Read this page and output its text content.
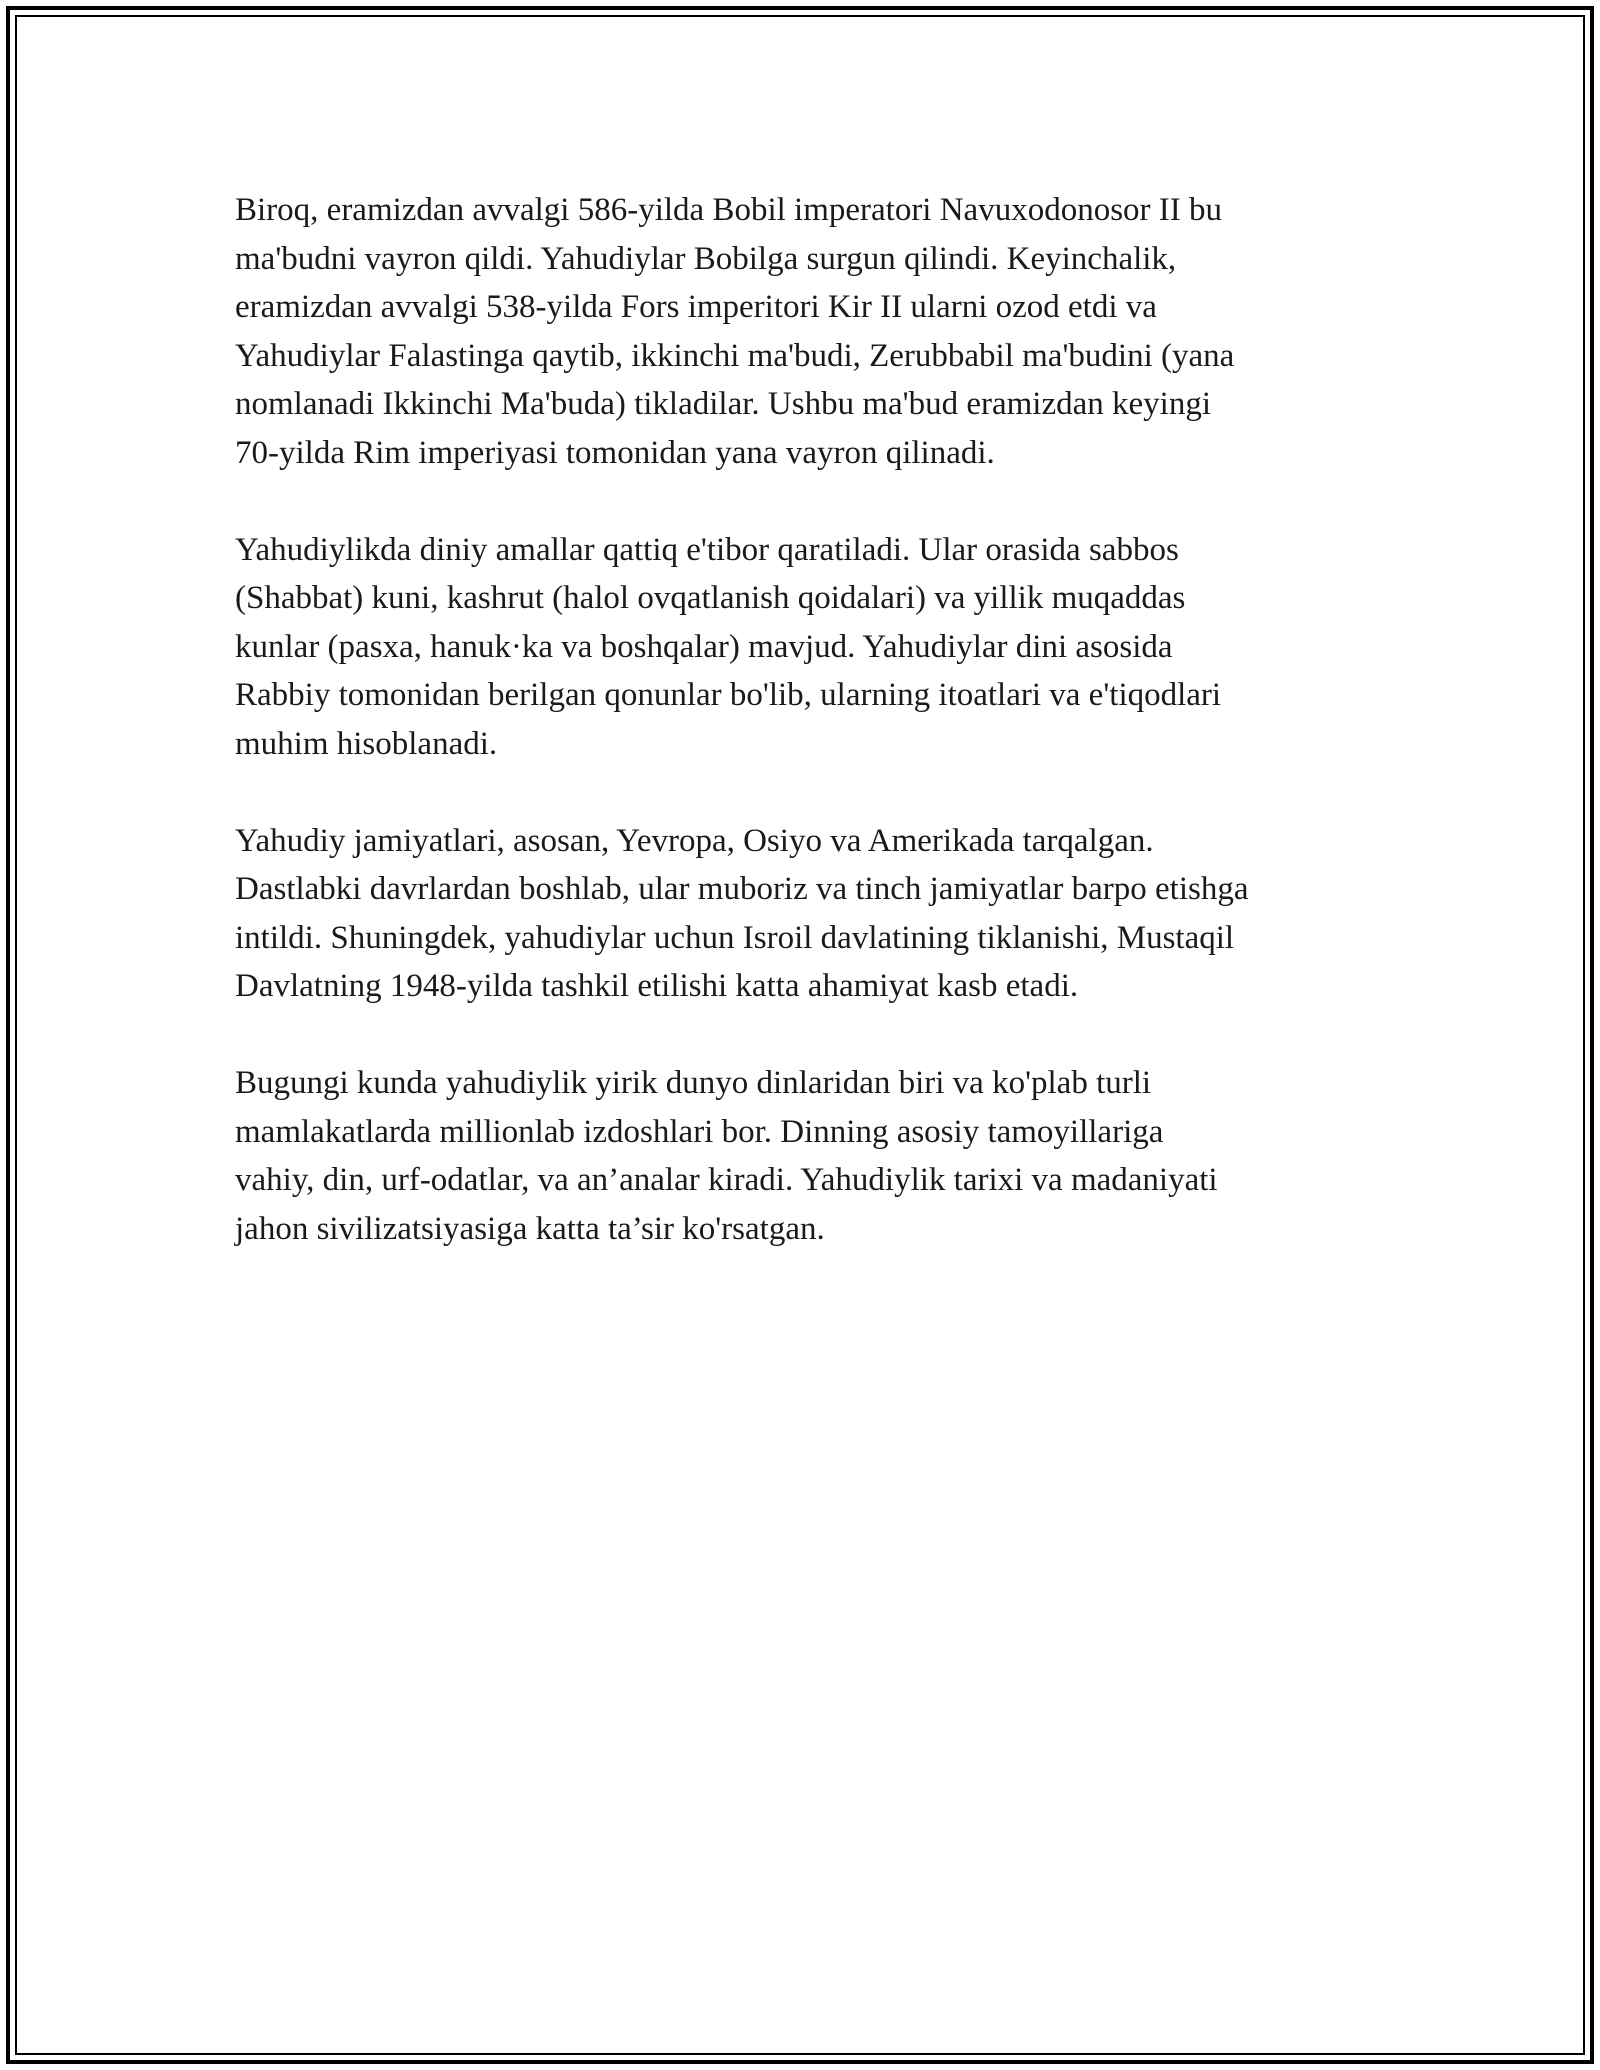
Biroq, eramizdan avvalgi 586-yilda Bobil imperatori Navuxodonosor II bu
ma'budni vayron qildi. Yahudiylar Bobilga surgun qilindi. Keyinchalik,
eramizdan avvalgi 538-yilda Fors imperitori Kir II ularni ozod etdi va
Yahudiylar Falastinga qaytib, ikkinchi ma'budi, Zerubbabil ma'budini (yana
nomlanadi Ikkinchi Ma'buda) tikladilar. Ushbu ma'bud eramizdan keyingi
70-yilda Rim imperiyasi tomonidan yana vayron qilinadi.

Yahudiylikda diniy amallar qattiq e'tibor qaratiladi. Ular orasida sabbos
(Shabbat) kuni, kashrut (halol ovqatlanish qoidalari) va yillik muqaddas
kunlar (pasxa, hanuk·ka va boshqalar) mavjud. Yahudiylar dini asosida
Rabbiy tomonidan berilgan qonunlar bo'lib, ularning itoatlari va e'tiqodlari
muhim hisoblanadi.

Yahudiy jamiyatlari, asosan, Yevropa, Osiyo va Amerikada tarqalgan.
Dastlabki davrlardan boshlab, ular muboriz va tinch jamiyatlar barpo etishga
intildi. Shuningdek, yahudiylar uchun Isroil davlatining tiklanishi, Mustaqil
Davlatning 1948-yilda tashkil etilishi katta ahamiyat kasb etadi.

Bugungi kunda yahudiylik yirik dunyo dinlaridan biri va ko'plab turli
mamlakatlarda millionlab izdoshlari bor. Dinning asosiy tamoyillariga
vahiy, din, urf-odatlar, va an’analar kiradi. Yahudiylik tarixi va madaniyati
jahon sivilizatsiyasiga katta ta’sir ko'rsatgan.
